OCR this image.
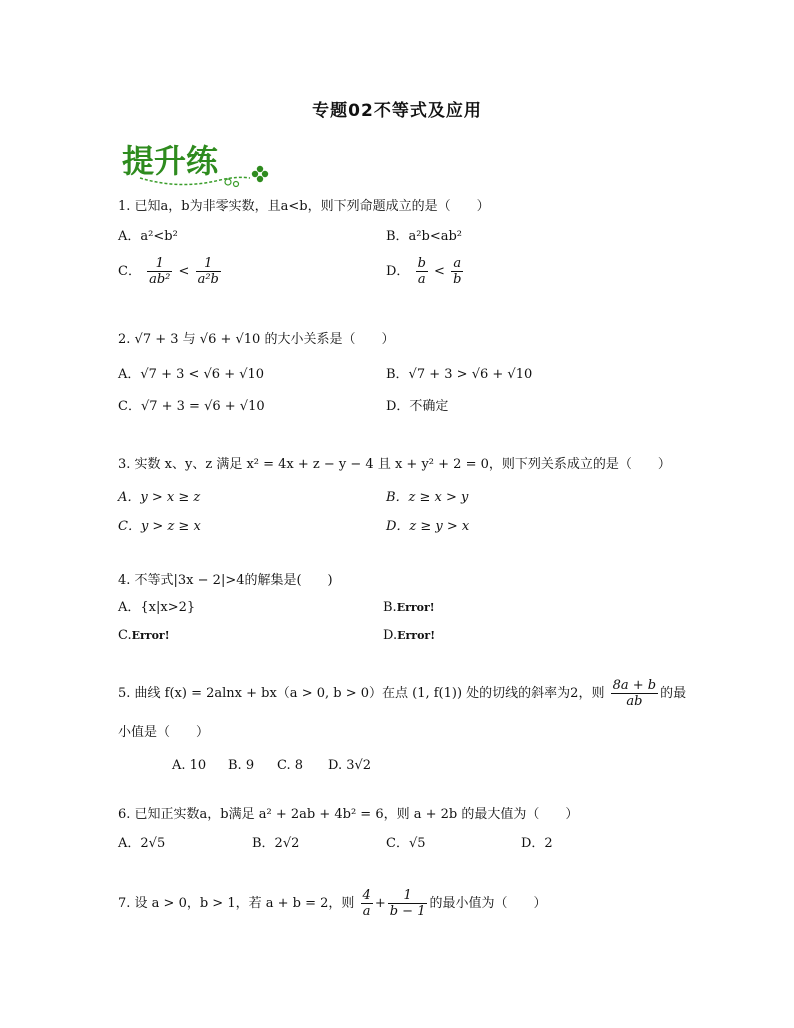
专题02不等式及应用
提升练
1. 已知a，b为非零实数，且a<b，则下列命题成立的是（　　）
A．a²<b²	B．a²b<ab²
C． $\frac{1}{\text{ab²}} < \frac{1}{\text{a²b}}$	D． $\frac{b}{a} < \frac{a}{b}$
2. √7 + 3 与 √6 + √10 的大小关系是（　　）
A．√7 + 3 < √6 + √10	B．√7 + 3 > √6 + √10
C．√7 + 3 = √6 + √10	D．不确定
3. 实数 x、y、z 满足 x² = 4x + z − y − 4 且 x + y² + 2 = 0，则下列关系成立的是（　　）
A．y > x ≥ z	B．z ≥ x > y
C．y > z ≥ x	D．z ≥ y > x
4. 不等式|3x − 2|>4的解集是(　　)
A．{x|x>2}	B.Error!
C.Error!	D.Error!
5. 曲线 f(x) = 2alnx + bx（a > 0, b > 0）在点 (1, f(1)) 处的切线的斜率为2，则 $\frac{8a + b}{ab}$ 的最
小值是（　　）
A. 10 B. 9 C. 8 D. 3√2
6. 已知正实数a，b满足 a² + 2ab + 4b² = 6，则 a + 2b 的最大值为（　　）
A．2√5	B．2√2	C．√5	D．2
7. 设 a > 0，b > 1，若 a + b = 2，则 $\frac{4}{a} + \frac{1}{b - 1}$ 的最小值为（　　）
